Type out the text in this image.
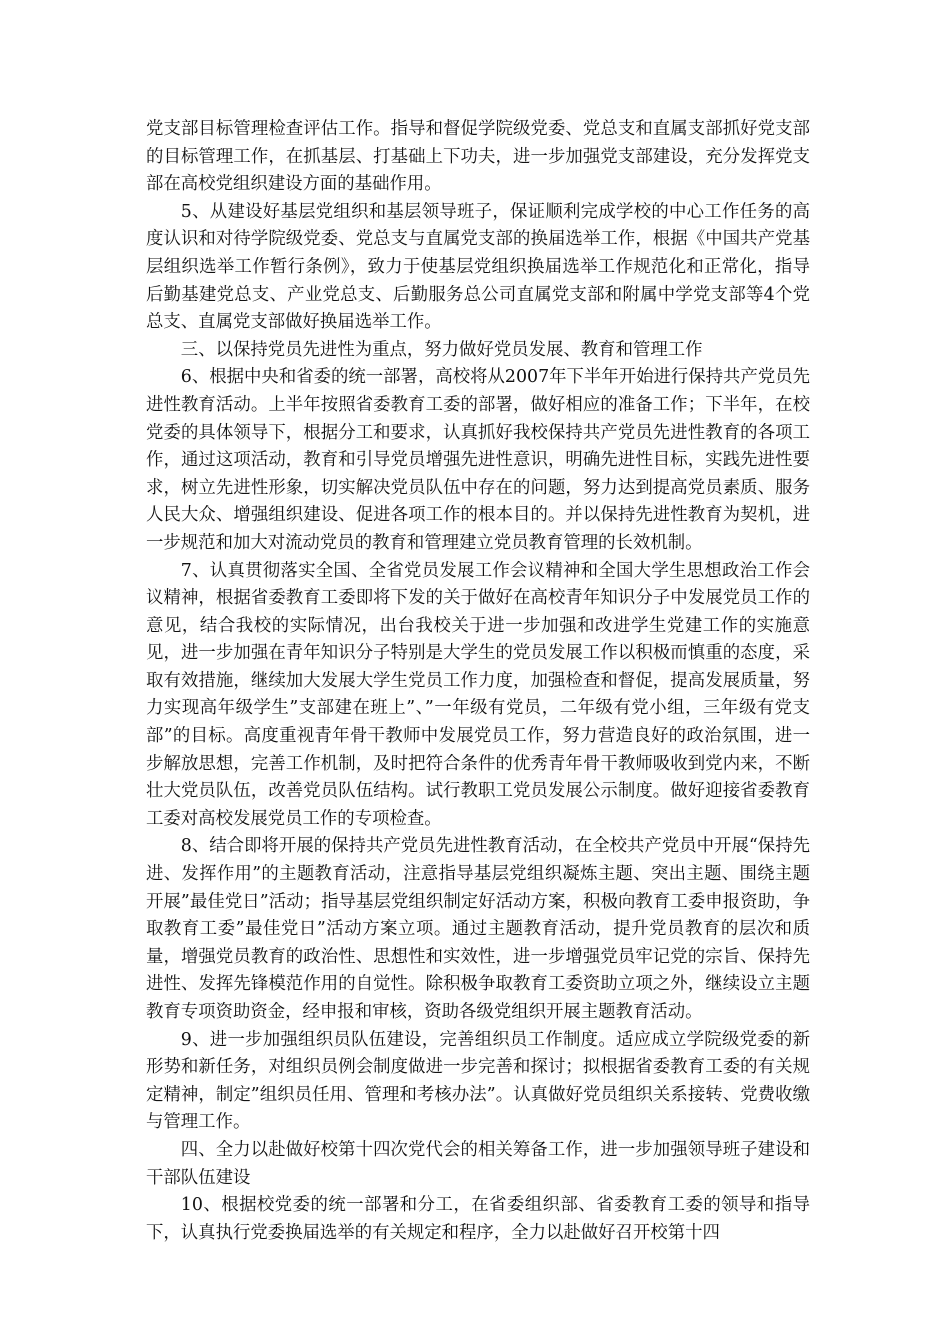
党支部目标管理检查评估工作。指导和督促学院级党委、党总支和直属支部抓好党支部的目标管理工作，在抓基层、打基础上下功夫，进一步加强党支部建设，充分发挥党支部在高校党组织建设方面的基础作用。

5、从建设好基层党组织和基层领导班子，保证顺利完成学校的中心工作任务的高度认识和对待学院级党委、党总支与直属党支部的换届选举工作，根据《中国共产党基层组织选举工作暂行条例》，致力于使基层党组织换届选举工作规范化和正常化，指导后勤基建党总支、产业党总支、后勤服务总公司直属党支部和附属中学党支部等4个党总支、直属党支部做好换届选举工作。

三、以保持党员先进性为重点，努力做好党员发展、教育和管理工作

6、根据中央和省委的统一部署，高校将从2007年下半年开始进行保持共产党员先进性教育活动。上半年按照省委教育工委的部署，做好相应的准备工作；下半年，在校党委的具体领导下，根据分工和要求，认真抓好我校保持共产党员先进性教育的各项工作，通过这项活动，教育和引导党员增强先进性意识，明确先进性目标，实践先进性要求，树立先进性形象，切实解决党员队伍中存在的问题，努力达到提高党员素质、服务人民大众、增强组织建设、促进各项工作的根本目的。并以保持先进性教育为契机，进一步规范和加大对流动党员的教育和管理建立党员教育管理的长效机制。

7、认真贯彻落实全国、全省党员发展工作会议精神和全国大学生思想政治工作会议精神，根据省委教育工委即将下发的关于做好在高校青年知识分子中发展党员工作的意见，结合我校的实际情况，出台我校关于进一步加强和改进学生党建工作的实施意见，进一步加强在青年知识分子特别是大学生的党员发展工作以积极而慎重的态度，采取有效措施，继续加大发展大学生党员工作力度，加强检查和督促，提高发展质量，努力实现高年级学生”支部建在班上”、”一年级有党员，二年级有党小组，三年级有党支部”的目标。高度重视青年骨干教师中发展党员工作，努力营造良好的政治氛围，进一步解放思想，完善工作机制，及时把符合条件的优秀青年骨干教师吸收到党内来，不断壮大党员队伍，改善党员队伍结构。试行教职工党员发展公示制度。做好迎接省委教育工委对高校发展党员工作的专项检查。

8、结合即将开展的保持共产党员先进性教育活动，在全校共产党员中开展“保持先进、发挥作用”的主题教育活动，注意指导基层党组织凝炼主题、突出主题、围绕主题开展”最佳党日”活动；指导基层党组织制定好活动方案，积极向教育工委申报资助，争取教育工委”最佳党日”活动方案立项。通过主题教育活动，提升党员教育的层次和质量，增强党员教育的政治性、思想性和实效性，进一步增强党员牢记党的宗旨、保持先进性、发挥先锋模范作用的自觉性。除积极争取教育工委资助立项之外，继续设立主题教育专项资助资金，经申报和审核，资助各级党组织开展主题教育活动。

9、进一步加强组织员队伍建设，完善组织员工作制度。适应成立学院级党委的新形势和新任务，对组织员例会制度做进一步完善和探讨；拟根据省委教育工委的有关规定精神，制定”组织员任用、管理和考核办法”。认真做好党员组织关系接转、党费收缴与管理工作。

四、全力以赴做好校第十四次党代会的相关筹备工作，进一步加强领导班子建设和干部队伍建设

10、根据校党委的统一部署和分工，在省委组织部、省委教育工委的领导和指导下，认真执行党委换届选举的有关规定和程序，全力以赴做好召开校第十四
